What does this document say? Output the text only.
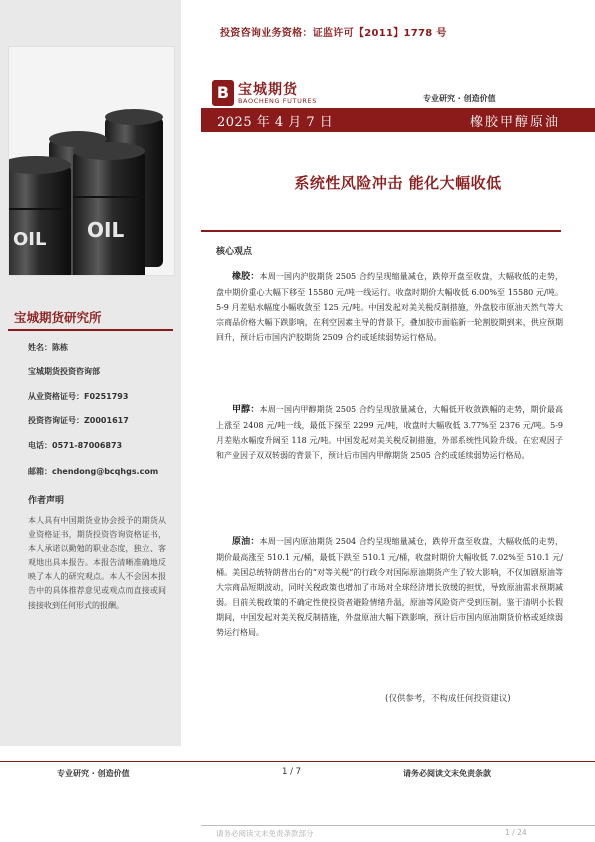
投资咨询业务资格：证监许可【2011】1778 号
OIL
OIL
宝城期货研究所
姓名：陈栋
宝城期货投资咨询部
从业资格证号：F0251793
投资咨询证号：Z0001617
电话：0571-87006873
邮箱：chendong@bcqhgs.com
作者声明
本人具有中国期货业协会授予的期货从业资格证书，期货投资咨询资格证书，本人承诺以勤勉的职业态度，独立、客观地出具本报告。本报告清晰准确地反映了本人的研究观点。本人不会因本报告中的具体推荐意见或观点而直接或间接接收到任何形式的报酬。
B 宝城期货
BAOCHENG FUTURES	专业研究 · 创造价值
2025 年 4 月 7 日	橡胶甲醇原油
系统性风险冲击 能化大幅收低
核心观点
橡胶：本周一国内沪胶期货 2505 合约呈现缩量减仓，跌停开盘至收盘，大幅收低的走势，盘中期价重心大幅下移至 15580 元/吨一线运行。收盘时期价大幅收低 6.00%至 15580 元/吨。5-9 月差贴水幅度小幅收敛至 125 元/吨。中国发起对美关税反制措施，外盘胶市原油天然气等大宗商品价格大幅下跌影响，在利空因素主导的背景下，叠加胶市面临新一轮割胶期到来，供应预期回升，预计后市国内沪胶期货 2509 合约或延续弱势运行格局。
甲醇：本周一国内甲醇期货 2505 合约呈现放量减仓，大幅低开收敛跌幅的走势，期价最高上涨至 2408 元/吨一线，最低下探至 2299 元/吨，收盘时大幅收低 3.77%至 2376 元/吨。5-9 月差贴水幅度升阔至 118 元/吨。中国发起对美关税反制措施，外部系统性风险升级。在宏观因子和产业因子双双转弱的背景下，预计后市国内甲醇期货 2505 合约或延续弱势运行格局。
原油：本周一国内原油期货 2504 合约呈现缩量减仓，跌停开盘至收盘，大幅收低的走势，期价最高涨至 510.1 元/桶，最低下跌至 510.1 元/桶，收盘时期价大幅收低 7.02%至 510.1 元/桶。美国总统特朗普出台的“对等关税”的行政令对国际原油期货产生了较大影响，不仅加剧原油等大宗商品短期波动，同时关税政策也增加了市场对全球经济增长放缓的担忧，导致原油需求预期减弱。目前关税政策的不确定性使投资者避险情绪升温，原油等风险资产受到压制。鉴于清明小长假期间，中国发起对美关税反制措施，外盘原油大幅下跌影响，预计后市国内原油期货价格或延续弱势运行格局。
(仅供参考，不构成任何投资建议)
专业研究 · 创造价值	1 / 7	请务必阅读文末免责条款
请务必阅读文末免责条款部分	1 / 24
